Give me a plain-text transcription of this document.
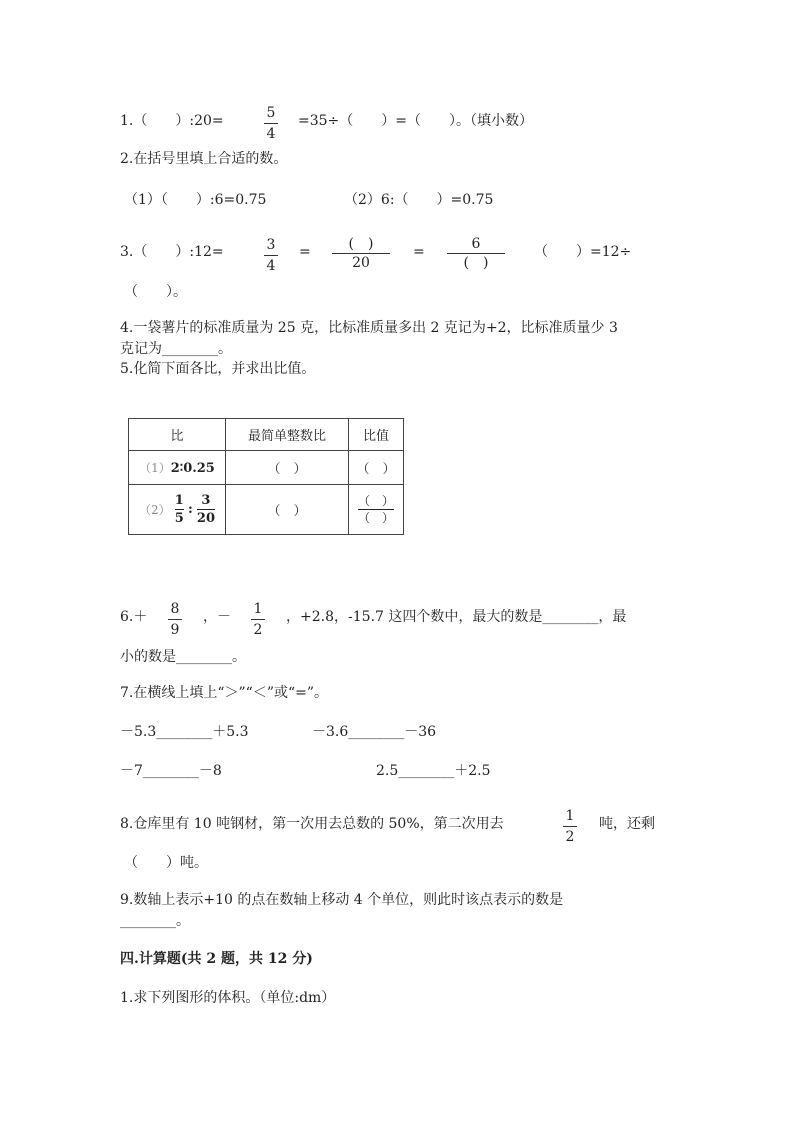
1.（　　）:20=	5
4
=35÷（　　）=（　　）。（填小数）
2.在括号里填上合适的数。
（1）（　　）:6=0.75	（2）6:（　　）=0.75
3.（　　）:12=	3
4
=	(　)
20
=	6
(　)
（　　）=12÷
（　　）。
4.一袋薯片的标准质量为 25 克，比标准质量多出 2 克记为+2，比标准质量少 3
克记为________。
5.化简下面各比，并求出比值。
比	最简单整数比	比值
（1）2∶0.25	（　）	（　）
$(2) \frac{1}{5}$ : $\frac{3}{20}$	（　）	（　）
（　）
6.＋ 8
9
，－ 1
2
，+2.8，-15.7 这四个数中，最大的数是________，最
小的数是________。
7.在横线上填上“＞”“＜”或“=”。
－5.3________＋5.3	－3.6________－36
－7________－8	2.5________＋2.5
8.仓库里有 10 吨钢材，第一次用去总数的 50%，第二次用去	1
2
吨，还剩
（　　）吨。
9.数轴上表示+10 的点在数轴上移动 4 个单位，则此时该点表示的数是
________。
四.计算题(共 2 题，共 12 分)
1.求下列图形的体积。（单位:dm）
